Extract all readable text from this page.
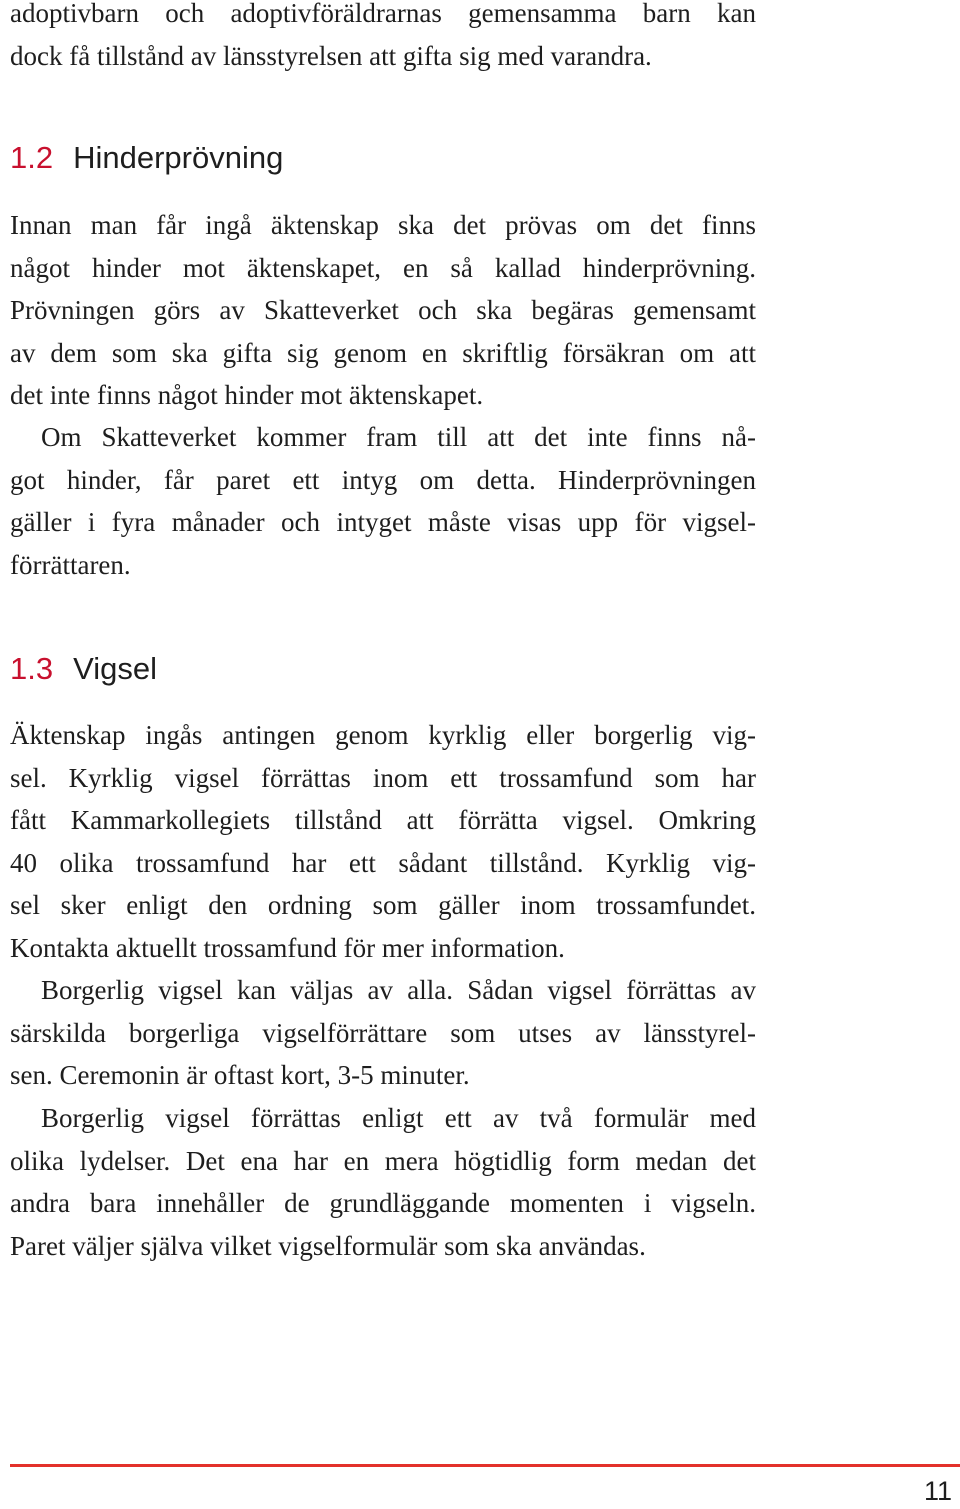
adoptivbarn och adoptivföräldrarnas gemensamma barn kan
dock få tillstånd av länsstyrelsen att gifta sig med varandra.

1.2 Hinderprövning

Innan man får ingå äktenskap ska det prövas om det finns
något hinder mot äktenskapet, en så kallad hinderprövning.
Prövningen görs av Skatteverket och ska begäras gemensamt
av dem som ska gifta sig genom en skriftlig försäkran om att
det inte finns något hinder mot äktenskapet.

Om Skatteverket kommer fram till att det inte finns nå-
got hinder, får paret ett intyg om detta. Hinderprövningen
gäller i fyra månader och intyget måste visas upp för vigsel-
förrättaren.

1.3 Vigsel

Äktenskap ingås antingen genom kyrklig eller borgerlig vig-
sel. Kyrklig vigsel förrättas inom ett trossamfund som har
fått Kammarkollegiets tillstånd att förrätta vigsel. Omkring
40 olika trossamfund har ett sådant tillstånd. Kyrklig vig-
sel sker enligt den ordning som gäller inom trossamfundet.
Kontakta aktuellt trossamfund för mer information.

Borgerlig vigsel kan väljas av alla. Sådan vigsel förrättas av
särskilda borgerliga vigselförrättare som utses av länsstyrel-
sen. Ceremonin är oftast kort, 3-5 minuter.

Borgerlig vigsel förrättas enligt ett av två formulär med
olika lydelser. Det ena har en mera högtidlig form medan det
andra bara innehåller de grundläggande momenten i vigseln.
Paret väljer själva vilket vigselformulär som ska användas.

11
